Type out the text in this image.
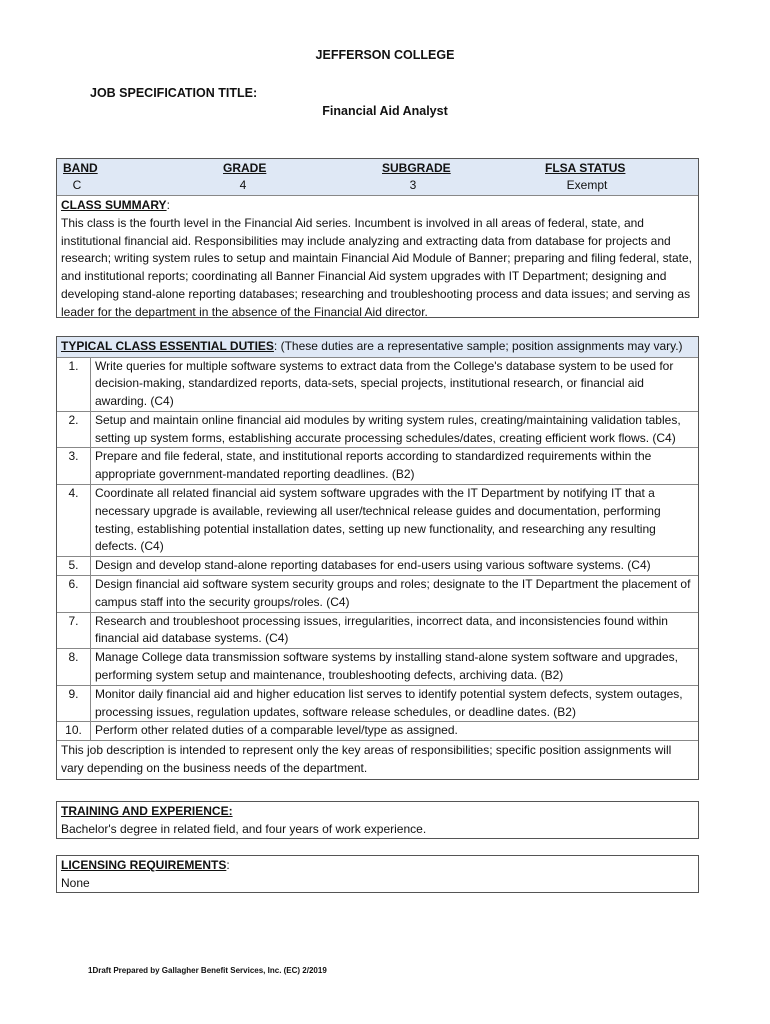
JEFFERSON COLLEGE
JOB SPECIFICATION TITLE:
Financial Aid Analyst
BAND	GRADE	SUBGRADE	FLSA STATUS
C	4	3	Exempt
CLASS SUMMARY:
This class is the fourth level in the Financial Aid series. Incumbent is involved in all areas of federal, state, and institutional financial aid. Responsibilities may include analyzing and extracting data from database for projects and research; writing system rules to setup and maintain Financial Aid Module of Banner; preparing and filing federal, state, and institutional reports; coordinating all Banner Financial Aid system upgrades with IT Department; designing and developing stand-alone reporting databases; researching and troubleshooting process and data issues; and serving as leader for the department in the absence of the Financial Aid director.
TYPICAL CLASS ESSENTIAL DUTIES: (These duties are a representative sample; position assignments may vary.)
1.	Write queries for multiple software systems to extract data from the College's database system to be used for decision-making, standardized reports, data-sets, special projects, institutional research, or financial aid awarding. (C4)
2.	Setup and maintain online financial aid modules by writing system rules, creating/maintaining validation tables, setting up system forms, establishing accurate processing schedules/dates, creating efficient work flows. (C4)
3.	Prepare and file federal, state, and institutional reports according to standardized requirements within the appropriate government-mandated reporting deadlines. (B2)
4.	Coordinate all related financial aid system software upgrades with the IT Department by notifying IT that a necessary upgrade is available, reviewing all user/technical release guides and documentation, performing testing, establishing potential installation dates, setting up new functionality, and researching any resulting defects. (C4)
5.	Design and develop stand-alone reporting databases for end-users using various software systems. (C4)
6.	Design financial aid software system security groups and roles; designate to the IT Department the placement of campus staff into the security groups/roles. (C4)
7.	Research and troubleshoot processing issues, irregularities, incorrect data, and inconsistencies found within financial aid database systems. (C4)
8.	Manage College data transmission software systems by installing stand-alone system software and upgrades, performing system setup and maintenance, troubleshooting defects, archiving data. (B2)
9.	Monitor daily financial aid and higher education list serves to identify potential system defects, system outages, processing issues, regulation updates, software release schedules, or deadline dates. (B2)
10.	Perform other related duties of a comparable level/type as assigned.
This job description is intended to represent only the key areas of responsibilities; specific position assignments will vary depending on the business needs of the department.
TRAINING AND EXPERIENCE:
Bachelor's degree in related field, and four years of work experience.
LICENSING REQUIREMENTS:
None
1Draft Prepared by Gallagher Benefit Services, Inc. (EC) 2/2019
